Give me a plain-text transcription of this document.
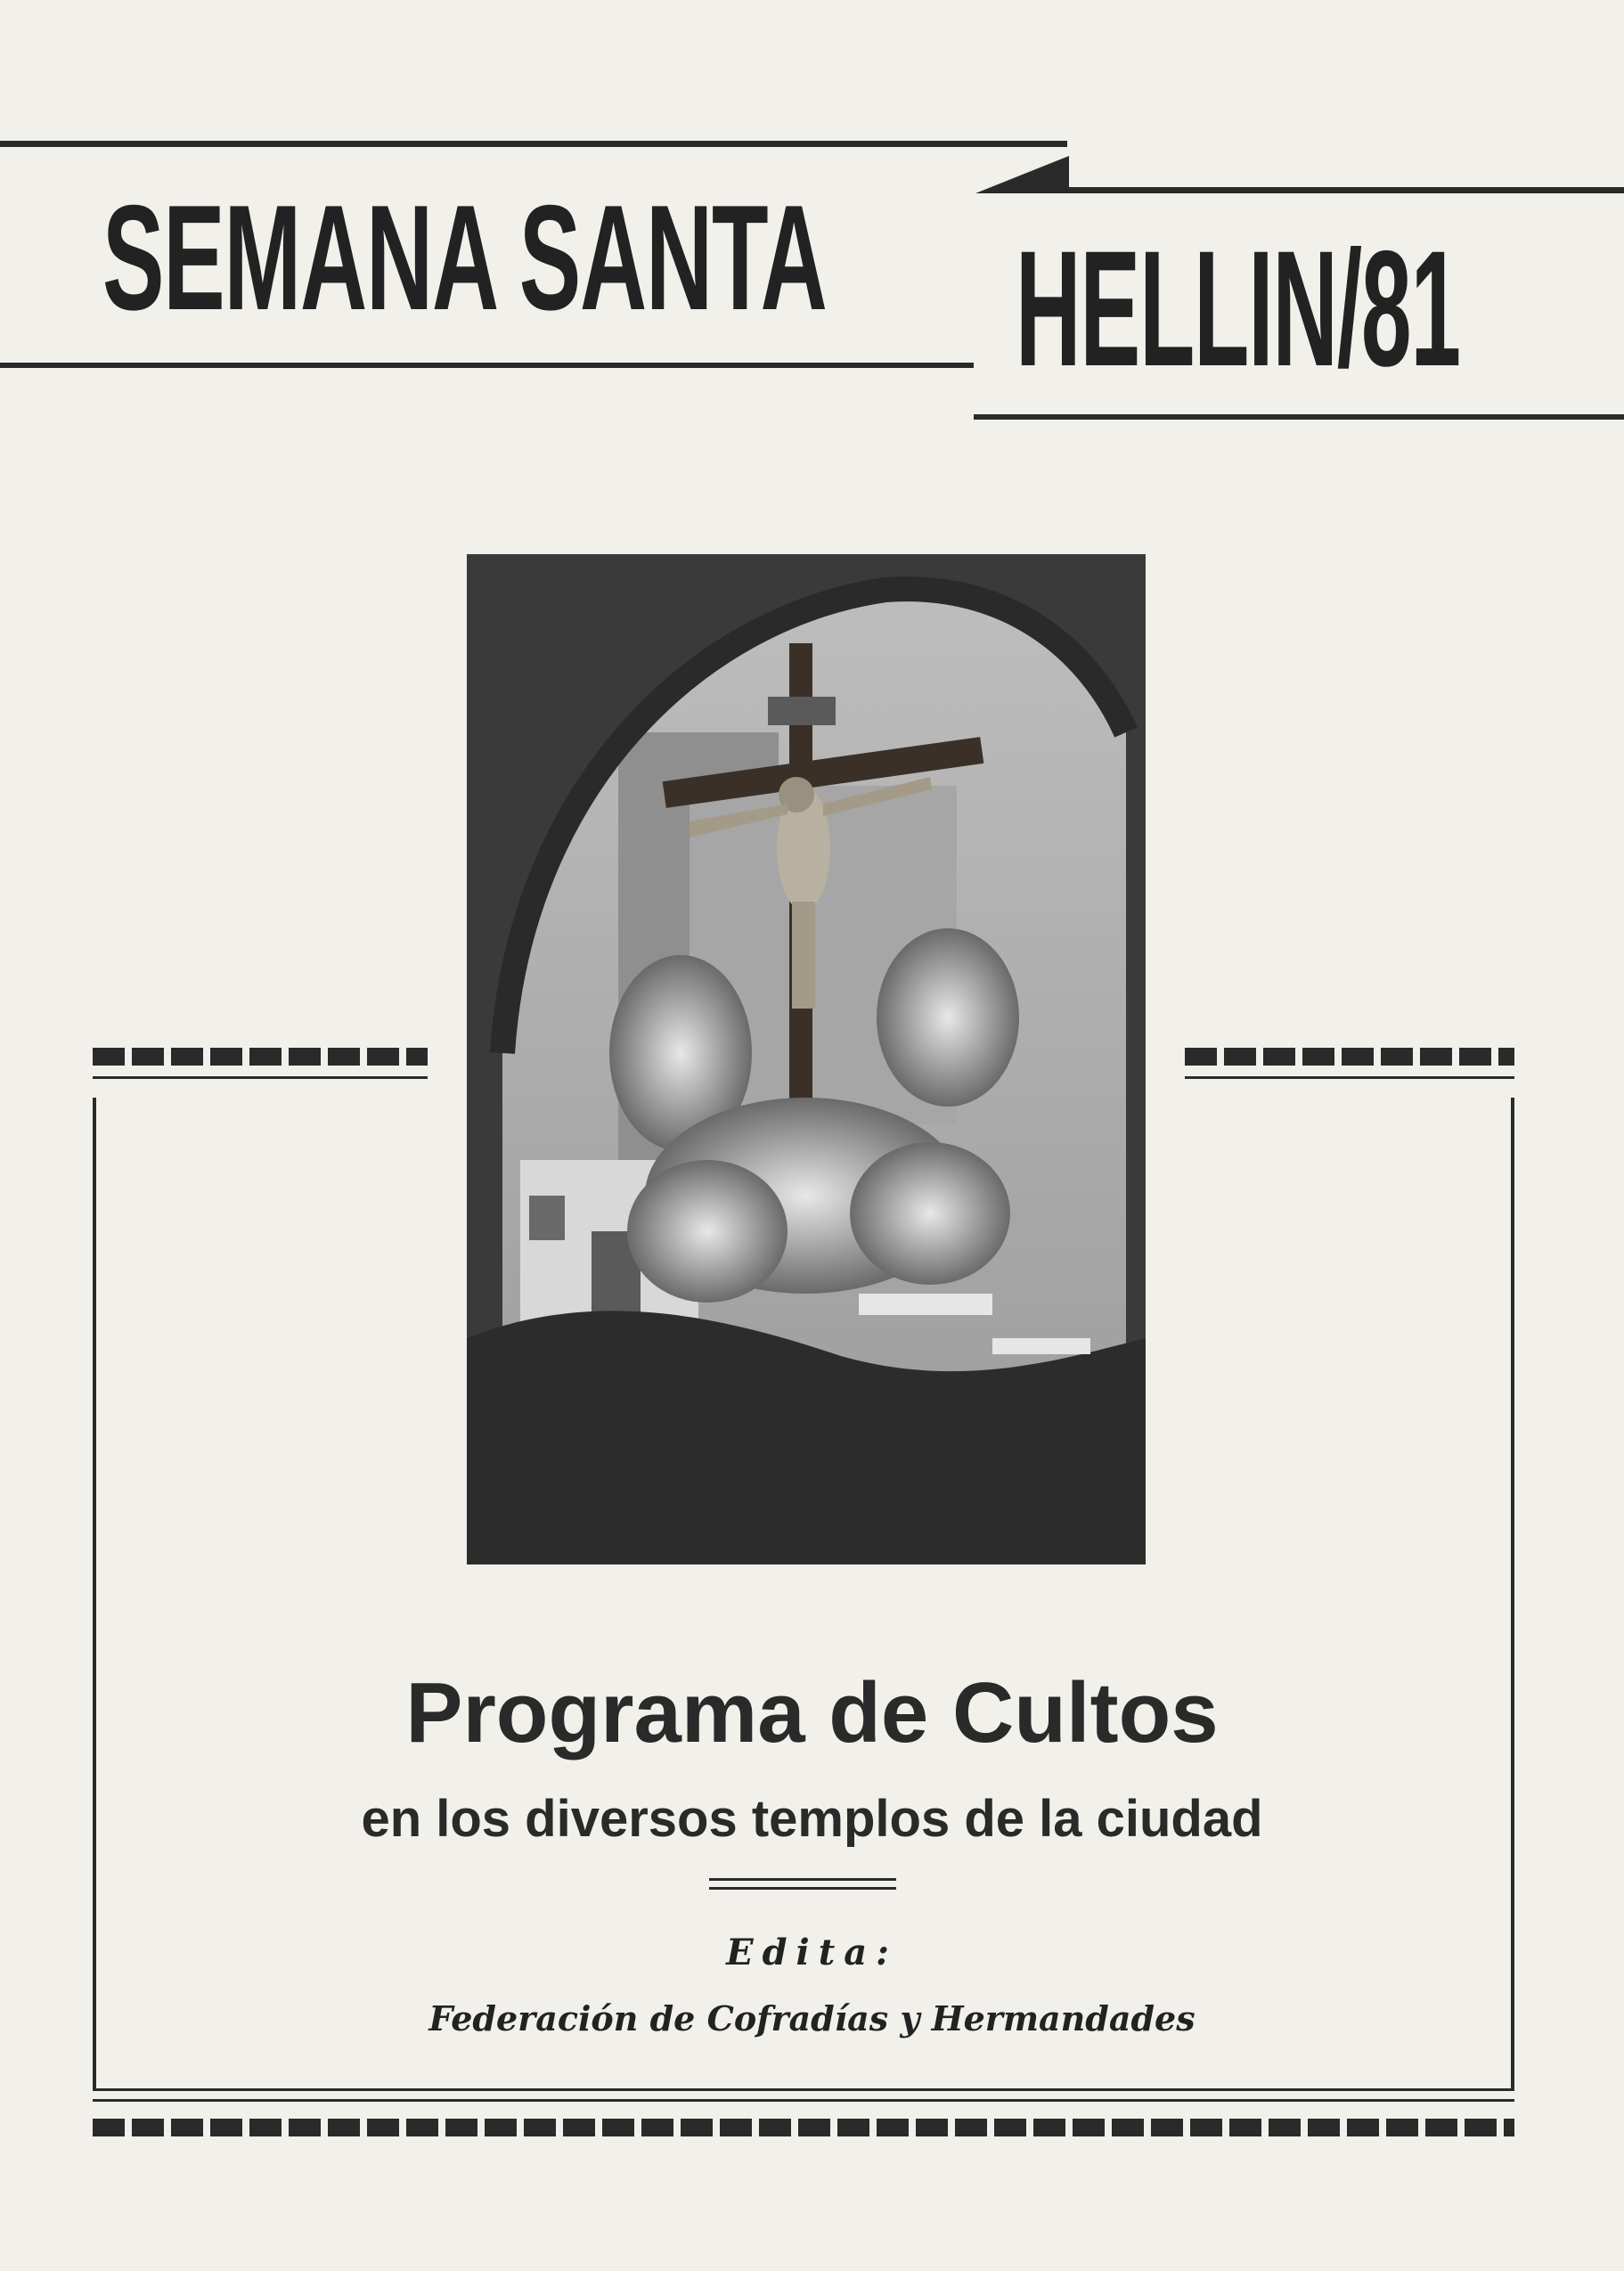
SEMANA SANTA HELLIN/81
Programa de Cultos
en los diversos templos de la ciudad
Edita:
Federación de Cofradías y Hermandades
